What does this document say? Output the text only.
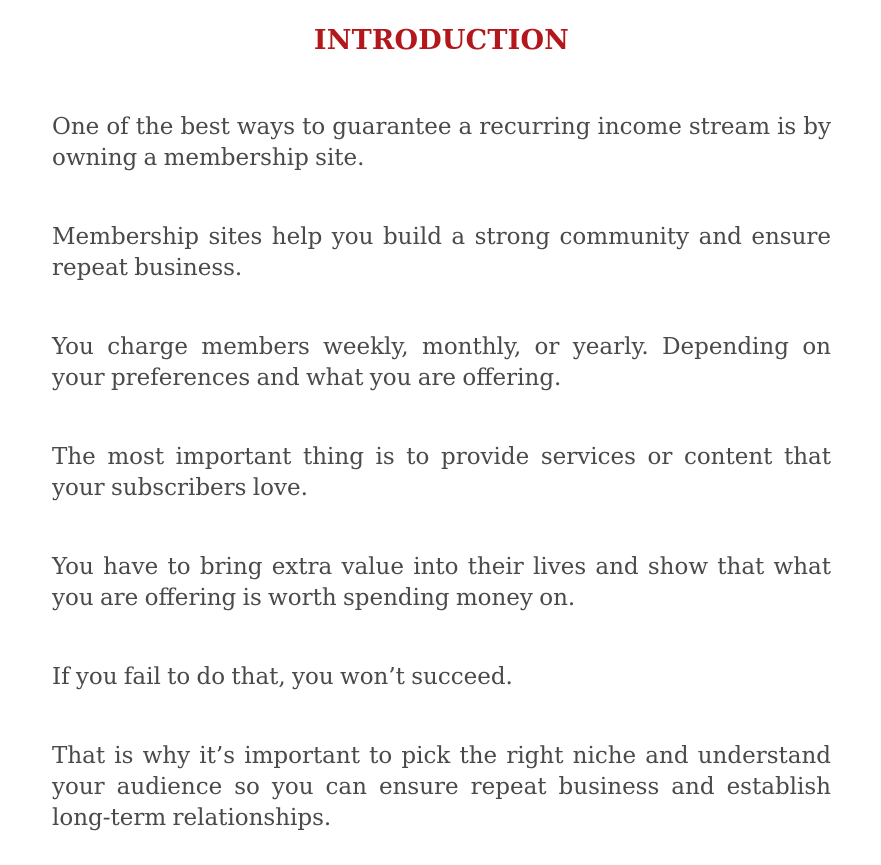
INTRODUCTION

One of the best ways to guarantee a recurring income stream is by owning a membership site.

Membership sites help you build a strong community and ensure repeat business.

You charge members weekly, monthly, or yearly. Depending on your preferences and what you are offering.

The most important thing is to provide services or content that your subscribers love.

You have to bring extra value into their lives and show that what you are offering is worth spending money on.

If you fail to do that, you won’t succeed.

That is why it’s important to pick the right niche and understand your audience so you can ensure repeat business and establish long-term relationships.
